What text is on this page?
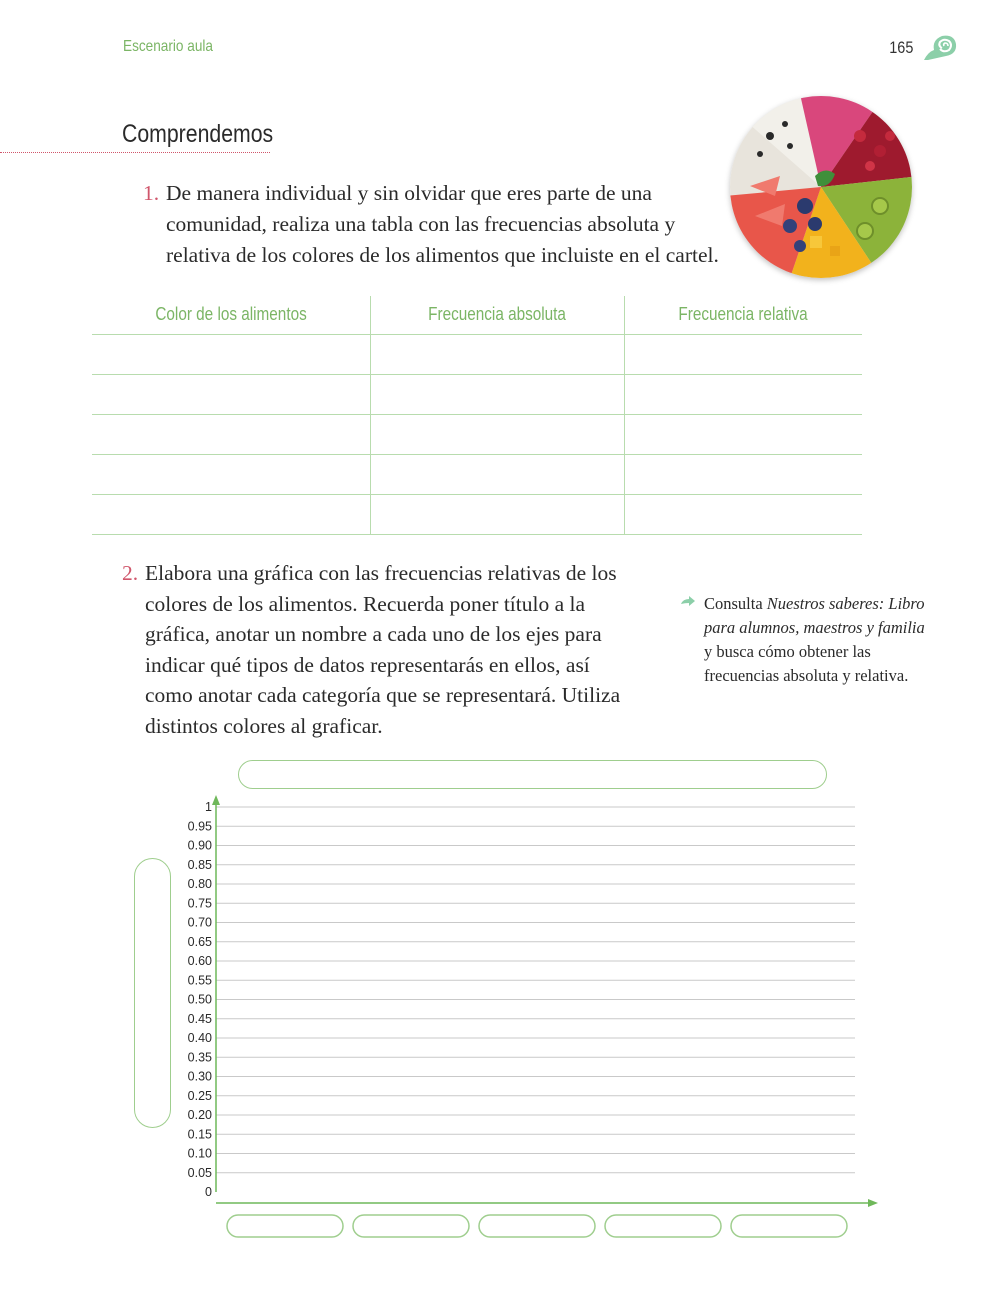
Escenario aula	165
Comprendemos
1. De manera individual y sin olvidar que eres parte de una comunidad, realiza una tabla con las frecuencias absoluta y relativa de los colores de los alimentos que incluiste en el cartel.
Color de los alimentos	Frecuencia absoluta	Frecuencia relativa

2. Elabora una gráfica con las frecuencias relativas de los colores de los alimentos. Recuerda poner título a la gráfica, anotar un nombre a cada uno de los ejes para indicar qué tipos de datos representarás en ellos, así como anotar cada categoría que se representará. Utiliza distintos colores al graficar.
Consulta Nuestros saberes: Libro para alumnos, maestros y familia y busca cómo obtener las frecuencias absoluta y relativa.
1
0.95
0.90
0.85
0.80
0.75
0.70
0.65
0.60
0.55
0.50
0.45
0.40
0.35
0.30
0.25
0.20
0.15
0.10
0.05
0
